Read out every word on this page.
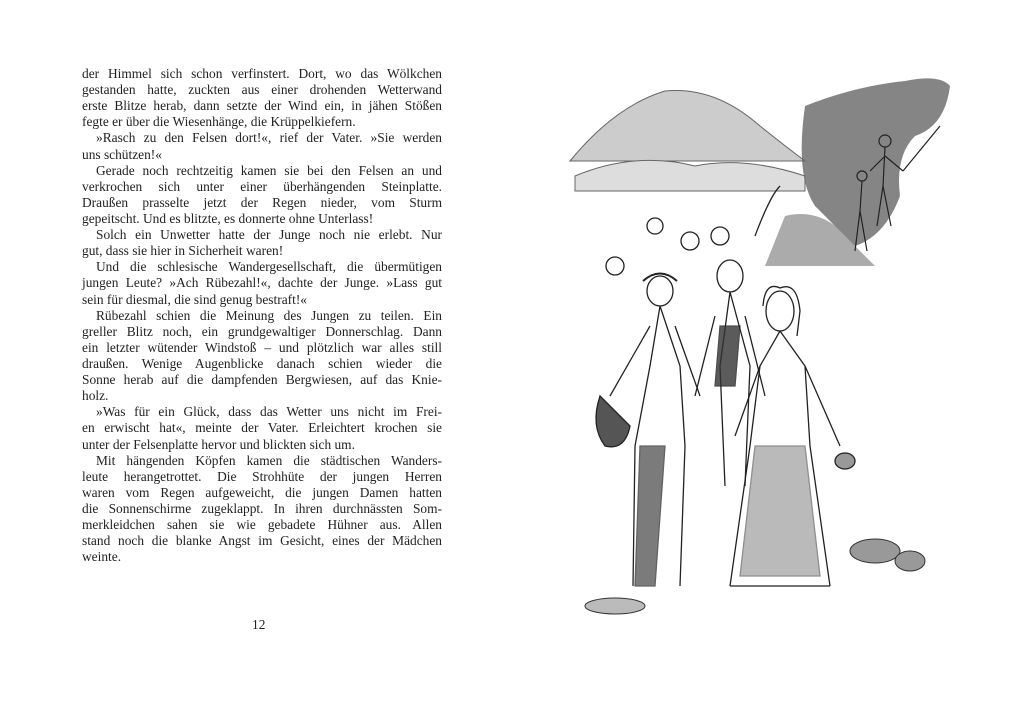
der Himmel sich schon verfinstert. Dort, wo das Wölkchen
gestanden hatte, zuckten aus einer drohenden Wetterwand
erste Blitze herab, dann setzte der Wind ein, in jähen Stößen
fegte er über die Wiesenhänge, die Krüppelkiefern.
»Rasch zu den Felsen dort!«, rief der Vater. »Sie werden
uns schützen!«
Gerade noch rechtzeitig kamen sie bei den Felsen an und
verkrochen sich unter einer überhängenden Steinplatte.
Draußen prasselte jetzt der Regen nieder, vom Sturm
gepeitscht. Und es blitzte, es donnerte ohne Unterlass!
Solch ein Unwetter hatte der Junge noch nie erlebt. Nur
gut, dass sie hier in Sicherheit waren!
Und die schlesische Wandergesellschaft, die übermütigen
jungen Leute? »Ach Rübezahl!«, dachte der Junge. »Lass gut
sein für diesmal, die sind genug bestraft!«
Rübezahl schien die Meinung des Jungen zu teilen. Ein
greller Blitz noch, ein grundgewaltiger Donnerschlag. Dann
ein letzter wütender Windstoß – und plötzlich war alles still
draußen. Wenige Augenblicke danach schien wieder die
Sonne herab auf die dampfenden Bergwiesen, auf das Knie-
holz.
»Was für ein Glück, dass das Wetter uns nicht im Frei-
en erwischt hat«, meinte der Vater. Erleichtert krochen sie
unter der Felsenplatte hervor und blickten sich um.
Mit hängenden Köpfen kamen die städtischen Wanders-
leute herangetrottet. Die Strohhüte der jungen Herren
waren vom Regen aufgeweicht, die jungen Damen hatten
die Sonnenschirme zugeklappt. In ihren durchnässten Som-
merkleidchen sahen sie wie gebadete Hühner aus. Allen
stand noch die blanke Angst im Gesicht, eines der Mädchen
weinte.
12
